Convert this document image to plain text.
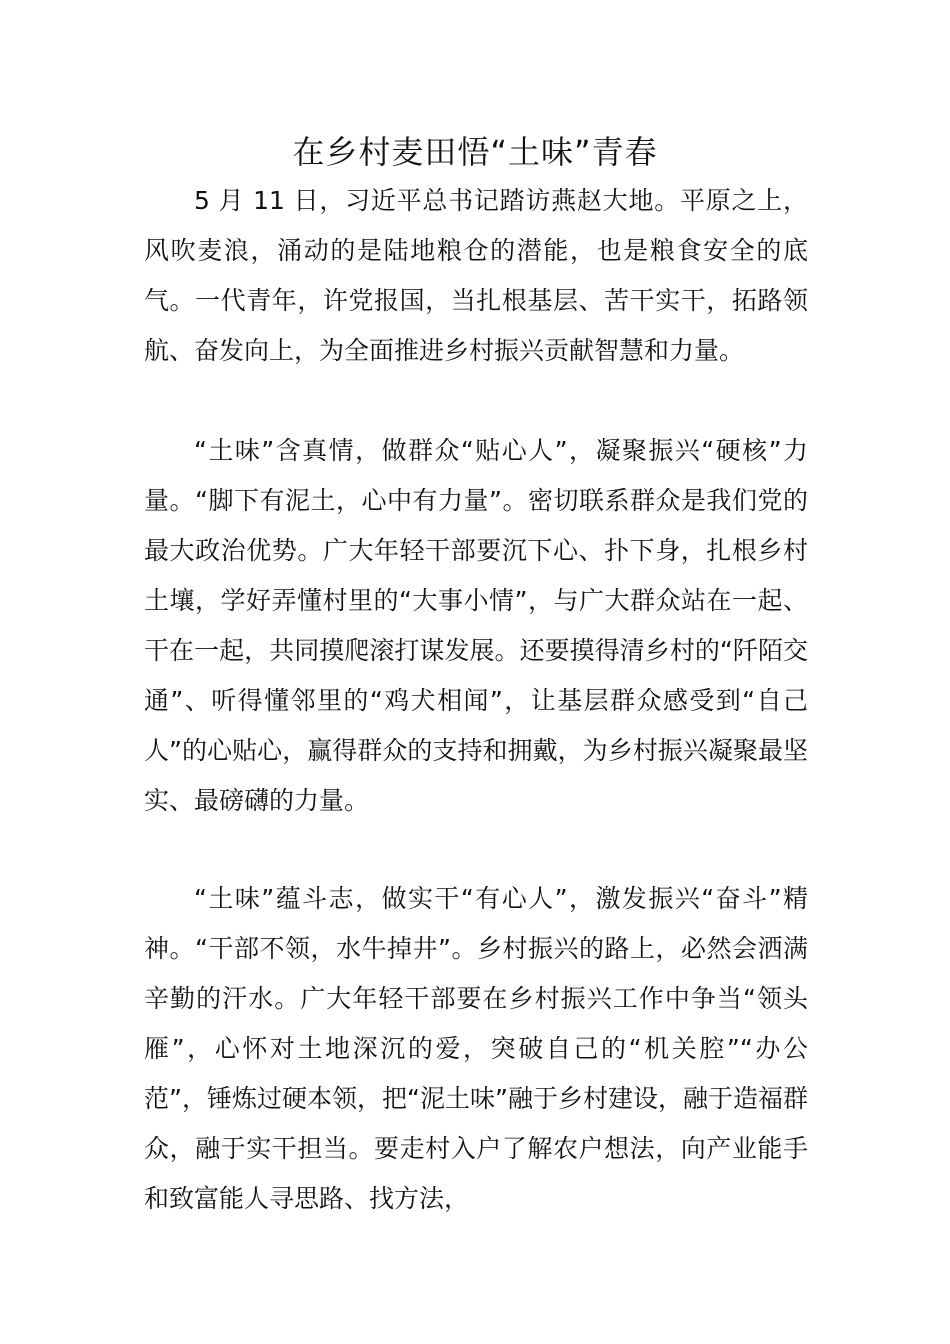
在乡村麦田悟“土味”青春

5 月 11 日，习近平总书记踏访燕赵大地。平原之上，风吹麦浪，涌动的是陆地粮仓的潜能，也是粮食安全的底气。一代青年，许党报国，当扎根基层、苦干实干，拓路领航、奋发向上，为全面推进乡村振兴贡献智慧和力量。

“土味”含真情，做群众“贴心人”，凝聚振兴“硬核”力量。“脚下有泥土，心中有力量”。密切联系群众是我们党的最大政治优势。广大年轻干部要沉下心、扑下身，扎根乡村土壤，学好弄懂村里的“大事小情”，与广大群众站在一起、干在一起，共同摸爬滚打谋发展。还要摸得清乡村的“阡陌交通”、听得懂邻里的“鸡犬相闻”，让基层群众感受到“自己人”的心贴心，赢得群众的支持和拥戴，为乡村振兴凝聚最坚实、最磅礴的力量。

“土味”蕴斗志，做实干“有心人”，激发振兴“奋斗”精神。“干部不领，水牛掉井”。乡村振兴的路上，必然会洒满辛勤的汗水。广大年轻干部要在乡村振兴工作中争当“领头雁”，心怀对土地深沉的爱，突破自己的“机关腔”“办公范”，锤炼过硬本领，把“泥土味”融于乡村建设，融于造福群众，融于实干担当。要走村入户了解农户想法，向产业能手和致富能人寻思路、找方法，
